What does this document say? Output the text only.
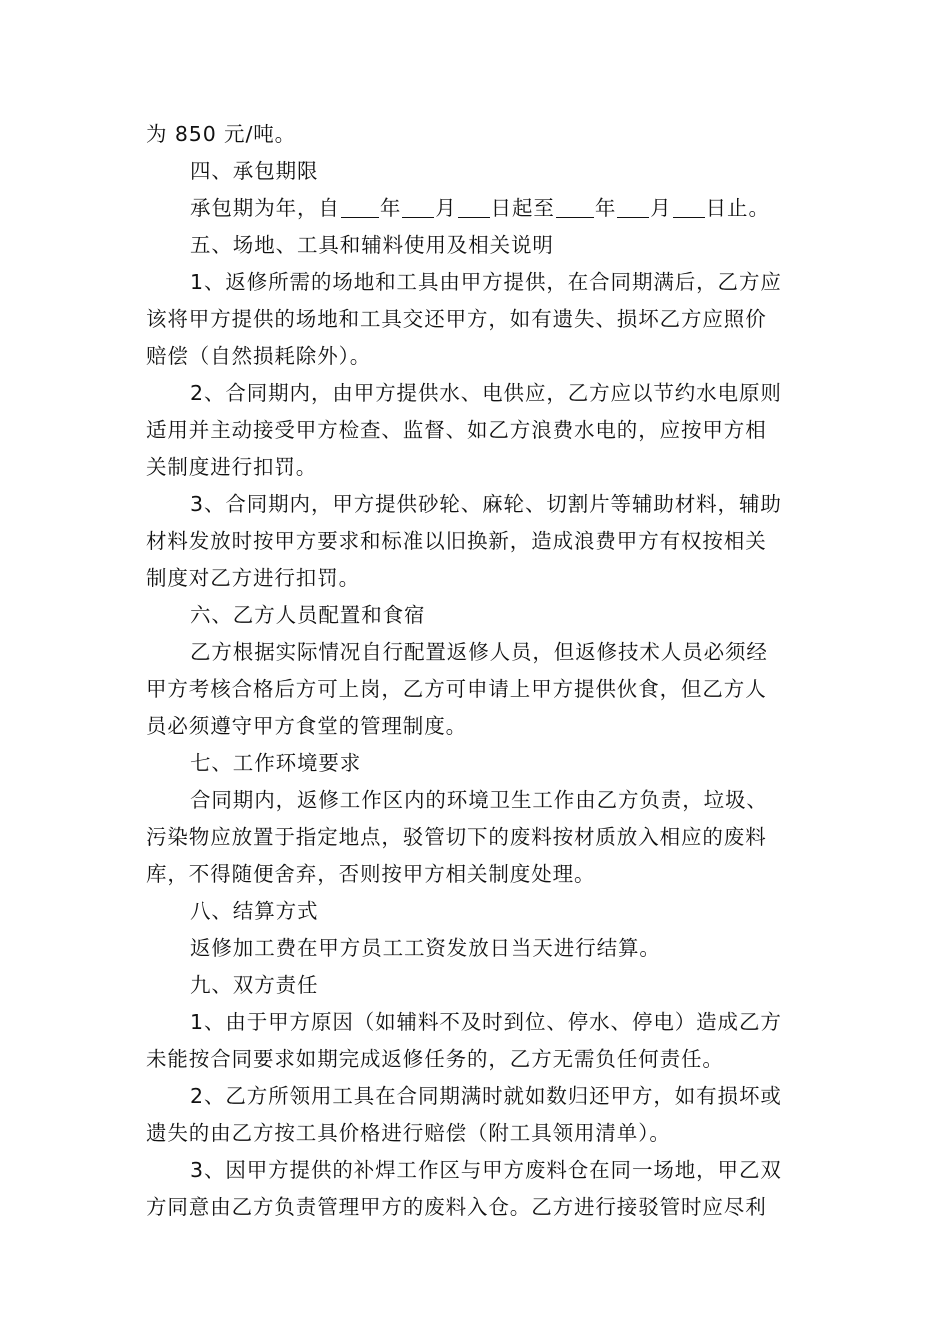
为 850 元/吨。
四、承包期限
承包期为年，自 年 月 日起至 年 月 日止。
五、场地、工具和辅料使用及相关说明
1、返修所需的场地和工具由甲方提供，在合同期满后，乙方应
该将甲方提供的场地和工具交还甲方，如有遗失、损坏乙方应照价
赔偿（自然损耗除外）。
2、合同期内，由甲方提供水、电供应，乙方应以节约水电原则
适用并主动接受甲方检查、监督、如乙方浪费水电的，应按甲方相
关制度进行扣罚。
3、合同期内，甲方提供砂轮、麻轮、切割片等辅助材料，辅助
材料发放时按甲方要求和标准以旧换新，造成浪费甲方有权按相关
制度对乙方进行扣罚。
六、乙方人员配置和食宿
乙方根据实际情况自行配置返修人员，但返修技术人员必须经
甲方考核合格后方可上岗，乙方可申请上甲方提供伙食，但乙方人
员必须遵守甲方食堂的管理制度。
七、工作环境要求
合同期内，返修工作区内的环境卫生工作由乙方负责，垃圾、
污染物应放置于指定地点，驳管切下的废料按材质放入相应的废料
库，不得随便舍弃，否则按甲方相关制度处理。
八、结算方式
返修加工费在甲方员工工资发放日当天进行结算。
九、双方责任
1、由于甲方原因（如辅料不及时到位、停水、停电）造成乙方
未能按合同要求如期完成返修任务的，乙方无需负任何责任。
2、乙方所领用工具在合同期满时就如数归还甲方，如有损坏或
遗失的由乙方按工具价格进行赔偿（附工具领用清单）。
3、因甲方提供的补焊工作区与甲方废料仓在同一场地，甲乙双
方同意由乙方负责管理甲方的废料入仓。乙方进行接驳管时应尽利
